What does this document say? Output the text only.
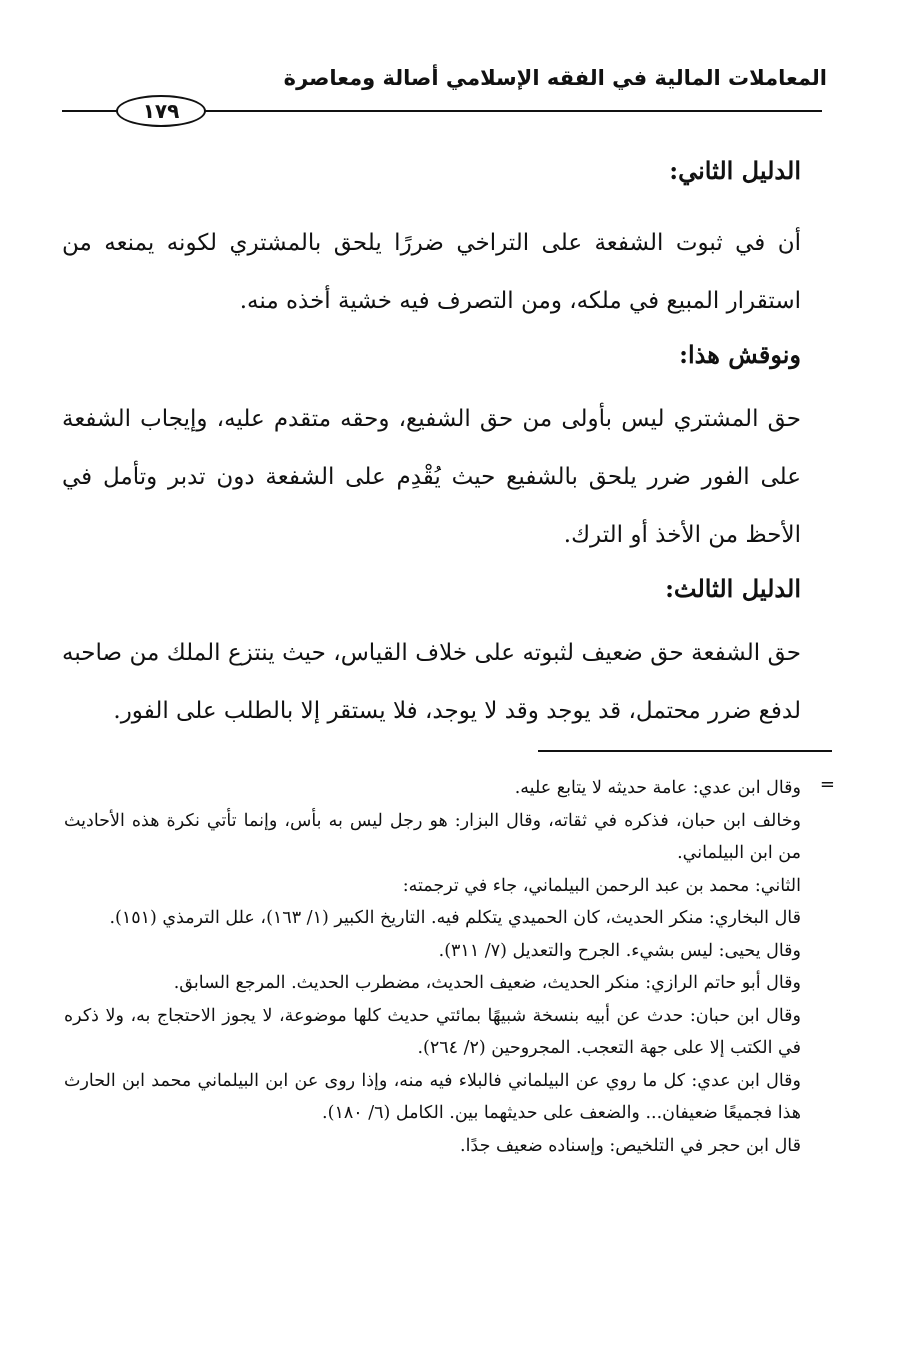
المعاملات المالية في الفقه الإسلامي أصالة ومعاصرة
١٧٩
الدليل الثاني:

أن في ثبوت الشفعة على التراخي ضررًا يلحق بالمشتري لكونه يمنعه من استقرار المبيع في ملكه، ومن التصرف فيه خشية أخذه منه.

ونوقش هذا:

حق المشتري ليس بأولى من حق الشفيع، وحقه متقدم عليه، وإيجاب الشفعة على الفور ضرر يلحق بالشفيع حيث يُقْدِم على الشفعة دون تدبر وتأمل في الأحظ من الأخذ أو الترك.

الدليل الثالث:

حق الشفعة حق ضعيف لثبوته على خلاف القياس، حيث ينتزع الملك من صاحبه لدفع ضرر محتمل، قد يوجد وقد لا يوجد، فلا يستقر إلا بالطلب على الفور.

=

وقال ابن عدي: عامة حديثه لا يتابع عليه.

وخالف ابن حبان، فذكره في ثقاته، وقال البزار: هو رجل ليس به بأس، وإنما تأتي نكرة هذه الأحاديث من ابن البيلماني.

الثاني: محمد بن عبد الرحمن البيلماني، جاء في ترجمته:

قال البخاري: منكر الحديث، كان الحميدي يتكلم فيه. التاريخ الكبير (١/ ١٦٣)، علل الترمذي (١٥١).

وقال يحيى: ليس بشيء. الجرح والتعديل (٧/ ٣١١).

وقال أبو حاتم الرازي: منكر الحديث، ضعيف الحديث، مضطرب الحديث. المرجع السابق.

وقال ابن حبان: حدث عن أبيه بنسخة شبيهًا بمائتي حديث كلها موضوعة، لا يجوز الاحتجاج به، ولا ذكره في الكتب إلا على جهة التعجب. المجروحين (٢/ ٢٦٤).

وقال ابن عدي: كل ما روي عن البيلماني فالبلاء فيه منه، وإذا روى عن ابن البيلماني محمد ابن الحارث هذا فجميعًا ضعيفان... والضعف على حديثهما بين. الكامل (٦/ ١٨٠).

قال ابن حجر في التلخيص: وإسناده ضعيف جدًا.
